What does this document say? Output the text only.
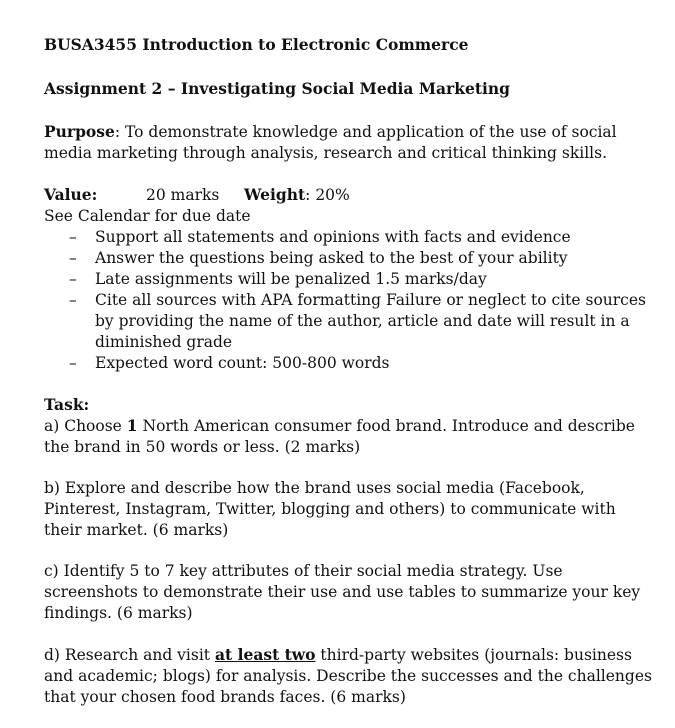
BUSA3455 Introduction to Electronic Commerce

Assignment 2 – Investigating Social Media Marketing

Purpose: To demonstrate knowledge and application of the use of social media marketing through analysis, research and critical thinking skills.

Value:	20 marks	Weight: 20%

See Calendar for due date

– Support all statements and opinions with facts and evidence
– Answer the questions being asked to the best of your ability
– Late assignments will be penalized 1.5 marks/day
– Cite all sources with APA formatting Failure or neglect to cite sources by providing the name of the author, article and date will result in a diminished grade
– Expected word count: 500-800 words

Task:

a) Choose 1 North American consumer food brand. Introduce and describe the brand in 50 words or less. (2 marks)

b) Explore and describe how the brand uses social media (Facebook, Pinterest, Instagram, Twitter, blogging and others) to communicate with their market. (6 marks)

c) Identify 5 to 7 key attributes of their social media strategy. Use screenshots to demonstrate their use and use tables to summarize your key findings. (6 marks)

d) Research and visit at least two third-party websites (journals: business and academic; blogs) for analysis. Describe the successes and the challenges that your chosen food brands faces. (6 marks)
